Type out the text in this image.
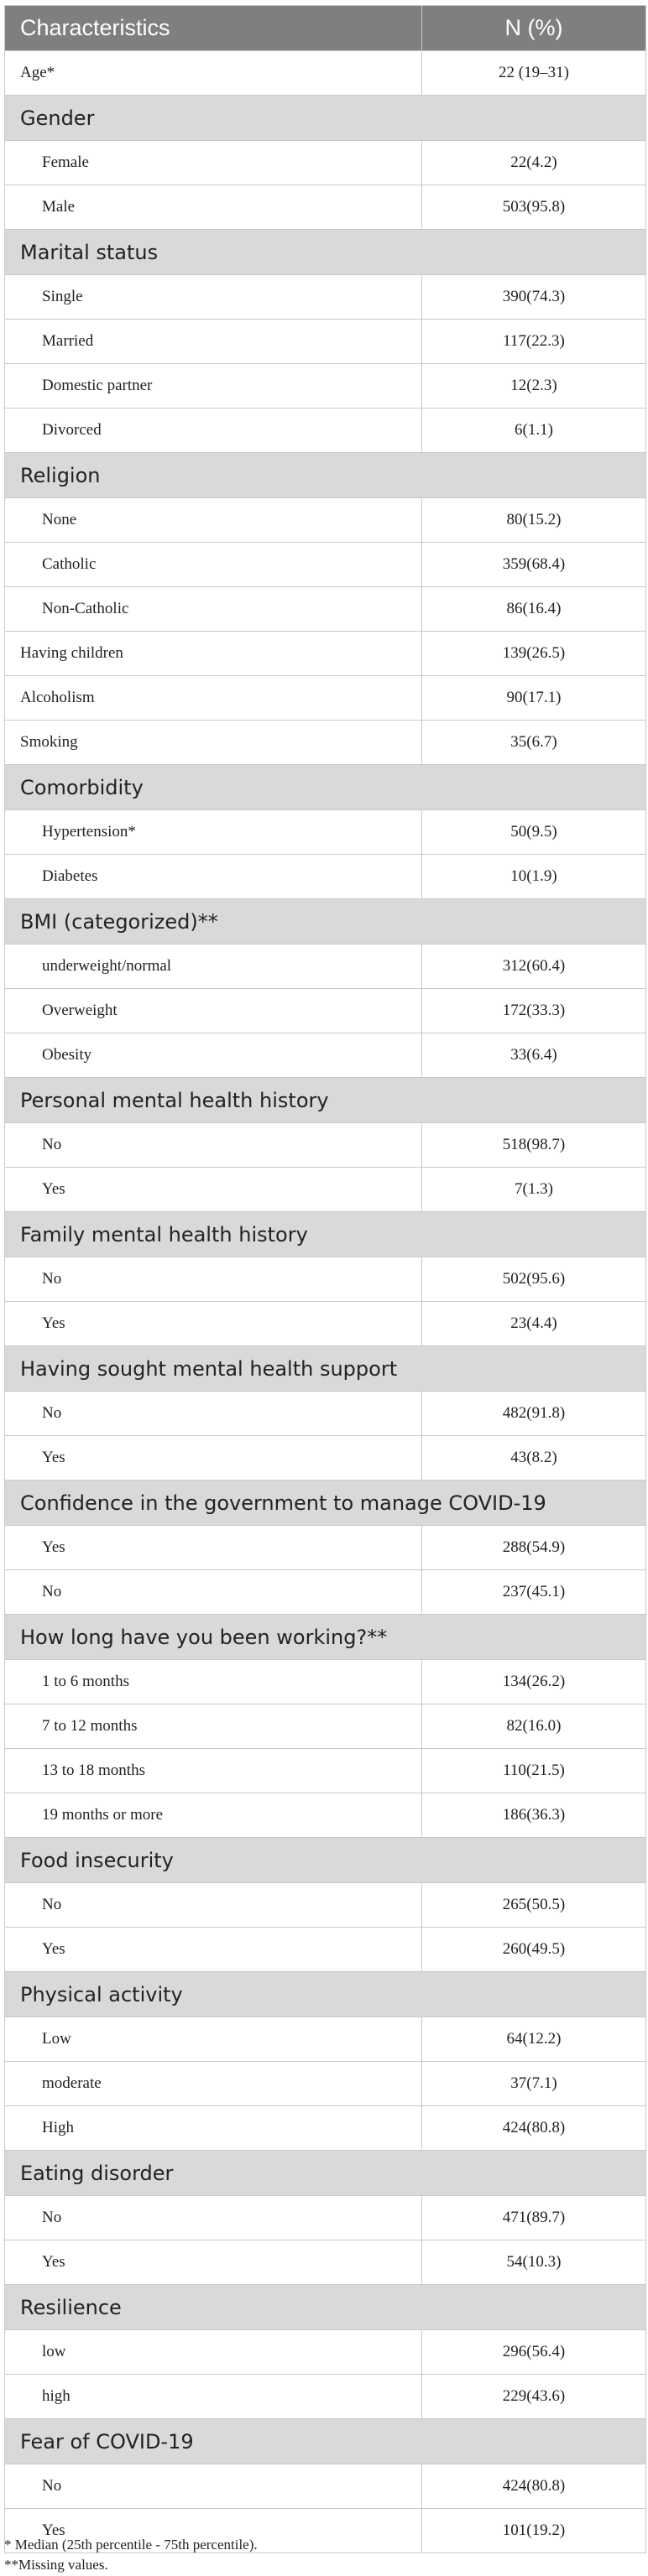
Characteristics	N (%)
Age*	22 (19–31)
Gender	
Female	22(4.2)
Male	503(95.8)
Marital status	
Single	390(74.3)
Married	117(22.3)
Domestic partner	12(2.3)
Divorced	6(1.1)
Religion	
None	80(15.2)
Catholic	359(68.4)
Non-Catholic	86(16.4)
Having children	139(26.5)
Alcoholism	90(17.1)
Smoking	35(6.7)
Comorbidity	
Hypertension*	50(9.5)
Diabetes	10(1.9)
BMI (categorized)**	
underweight/normal	312(60.4)
Overweight	172(33.3)
Obesity	33(6.4)
Personal mental health history	
No	518(98.7)
Yes	7(1.3)
Family mental health history	
No	502(95.6)
Yes	23(4.4)
Having sought mental health support	
No	482(91.8)
Yes	43(8.2)
Confidence in the government to manage COVID-19	
Yes	288(54.9)
No	237(45.1)
How long have you been working?**	
1 to 6 months	134(26.2)
7 to 12 months	82(16.0)
13 to 18 months	110(21.5)
19 months or more	186(36.3)
Food insecurity	
No	265(50.5)
Yes	260(49.5)
Physical activity	
Low	64(12.2)
moderate	37(7.1)
High	424(80.8)
Eating disorder	
No	471(89.7)
Yes	54(10.3)
Resilience	
low	296(56.4)
high	229(43.6)
Fear of COVID-19	
No	424(80.8)
Yes	101(19.2)
* Median (25th percentile - 75th percentile).
**Missing values.
